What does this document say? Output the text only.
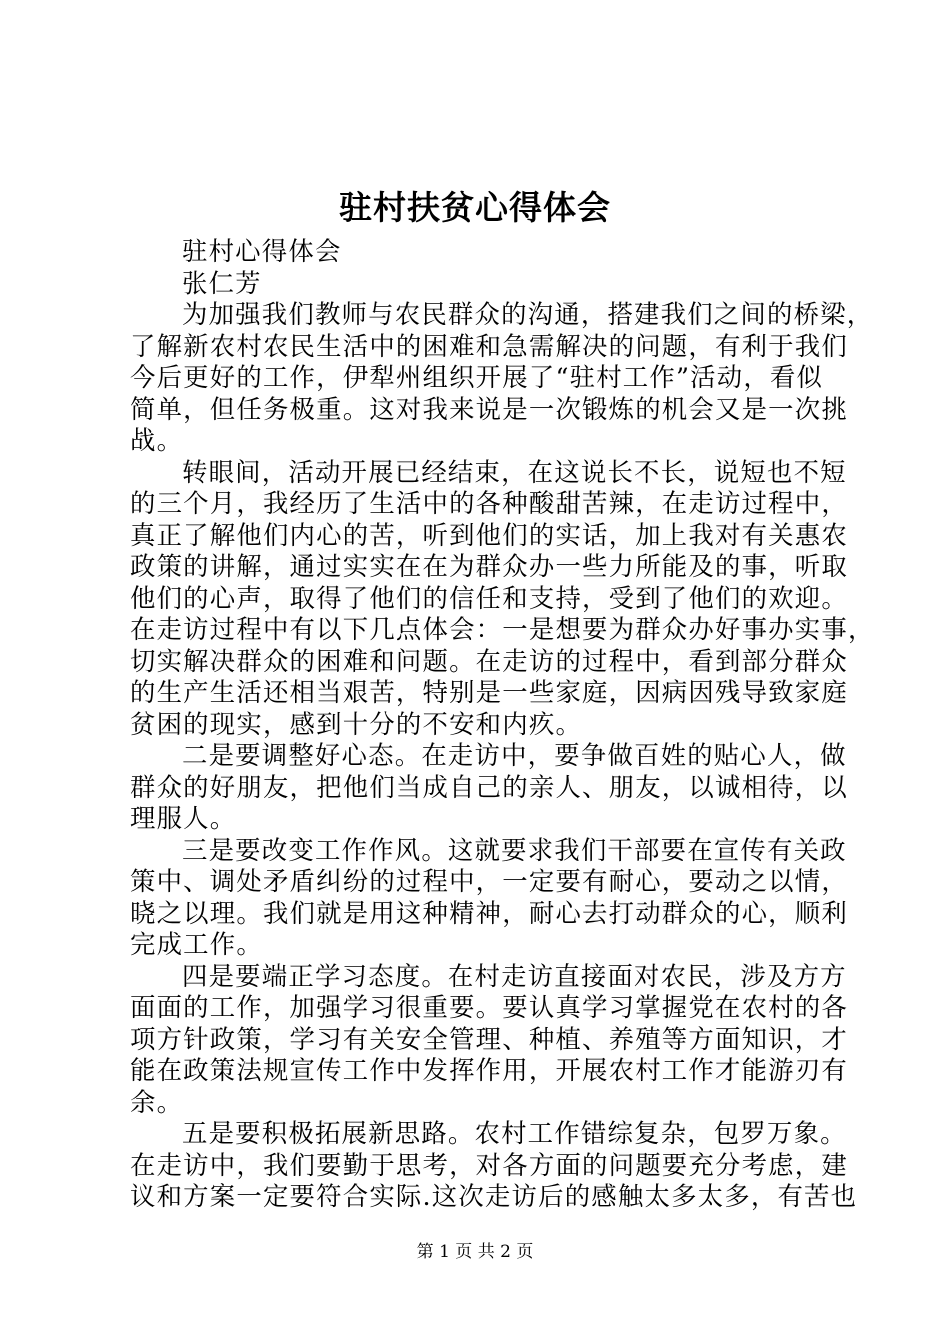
驻村扶贫心得体会
驻村心得体会
张仁芳
为加强我们教师与农民群众的沟通，搭建我们之间的桥梁，
了解新农村农民生活中的困难和急需解决的问题，有利于我们
今后更好的工作，伊犁州组织开展了“驻村工作”活动，看似
简单，但任务极重。这对我来说是一次锻炼的机会又是一次挑
战。
转眼间，活动开展已经结束，在这说长不长，说短也不短
的三个月，我经历了生活中的各种酸甜苦辣，在走访过程中，
真正了解他们内心的苦，听到他们的实话，加上我对有关惠农
政策的讲解，通过实实在在为群众办一些力所能及的事，听取
他们的心声，取得了他们的信任和支持，受到了他们的欢迎。
在走访过程中有以下几点体会：一是想要为群众办好事办实事，
切实解决群众的困难和问题。在走访的过程中，看到部分群众
的生产生活还相当艰苦，特别是一些家庭，因病因残导致家庭
贫困的现实，感到十分的不安和内疚。
二是要调整好心态。在走访中，要争做百姓的贴心人，做
群众的好朋友，把他们当成自己的亲人、朋友，以诚相待，以
理服人。
三是要改变工作作风。这就要求我们干部要在宣传有关政
策中、调处矛盾纠纷的过程中，一定要有耐心，要动之以情，
晓之以理。我们就是用这种精神，耐心去打动群众的心，顺利
完成工作。
四是要端正学习态度。在村走访直接面对农民，涉及方方
面面的工作，加强学习很重要。要认真学习掌握党在农村的各
项方针政策，学习有关安全管理、种植、养殖等方面知识，才
能在政策法规宣传工作中发挥作用，开展农村工作才能游刃有
余。
五是要积极拓展新思路。农村工作错综复杂，包罗万象。
在走访中，我们要勤于思考，对各方面的问题要充分考虑，建
议和方案一定要符合实际.这次走访后的感触太多太多，有苦也
第 1 页 共 2 页
